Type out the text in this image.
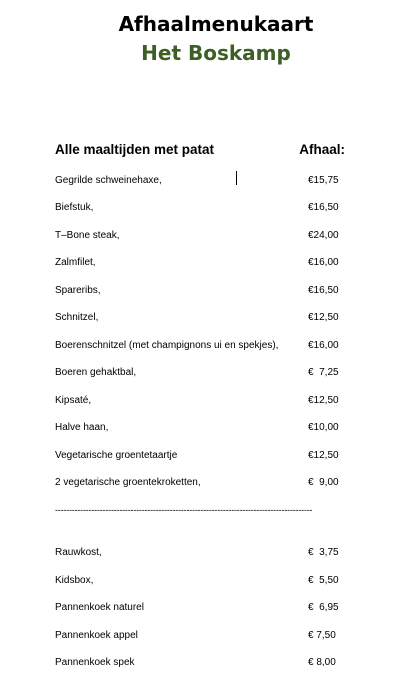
Afhaalmenukaart
Het Boskamp
Alle maaltijden met patat	Afhaal:
Gegrilde schweinehaxe,	€15,75
Biefstuk,	€16,50
T–Bone steak,	€24,00
Zalmfilet,	€16,00
Spareribs,	€16,50
Schnitzel,	€12,50
Boerenschnitzel (met champignons ui en spekjes),	€16,00
Boeren gehaktbal,	€  7,25
Kipsaté,	€12,50
Halve haan,	€10,00
Vegetarische groentetaartje	€12,50
2 vegetarische groentekroketten,	€  9,00
--------------------------------------------------------------------------------------------
Rauwkost,	€  3,75
Kidsbox,	€  5,50
Pannenkoek naturel	€  6,95
Pannenkoek appel	€ 7,50
Pannenkoek spek	€ 8,00
